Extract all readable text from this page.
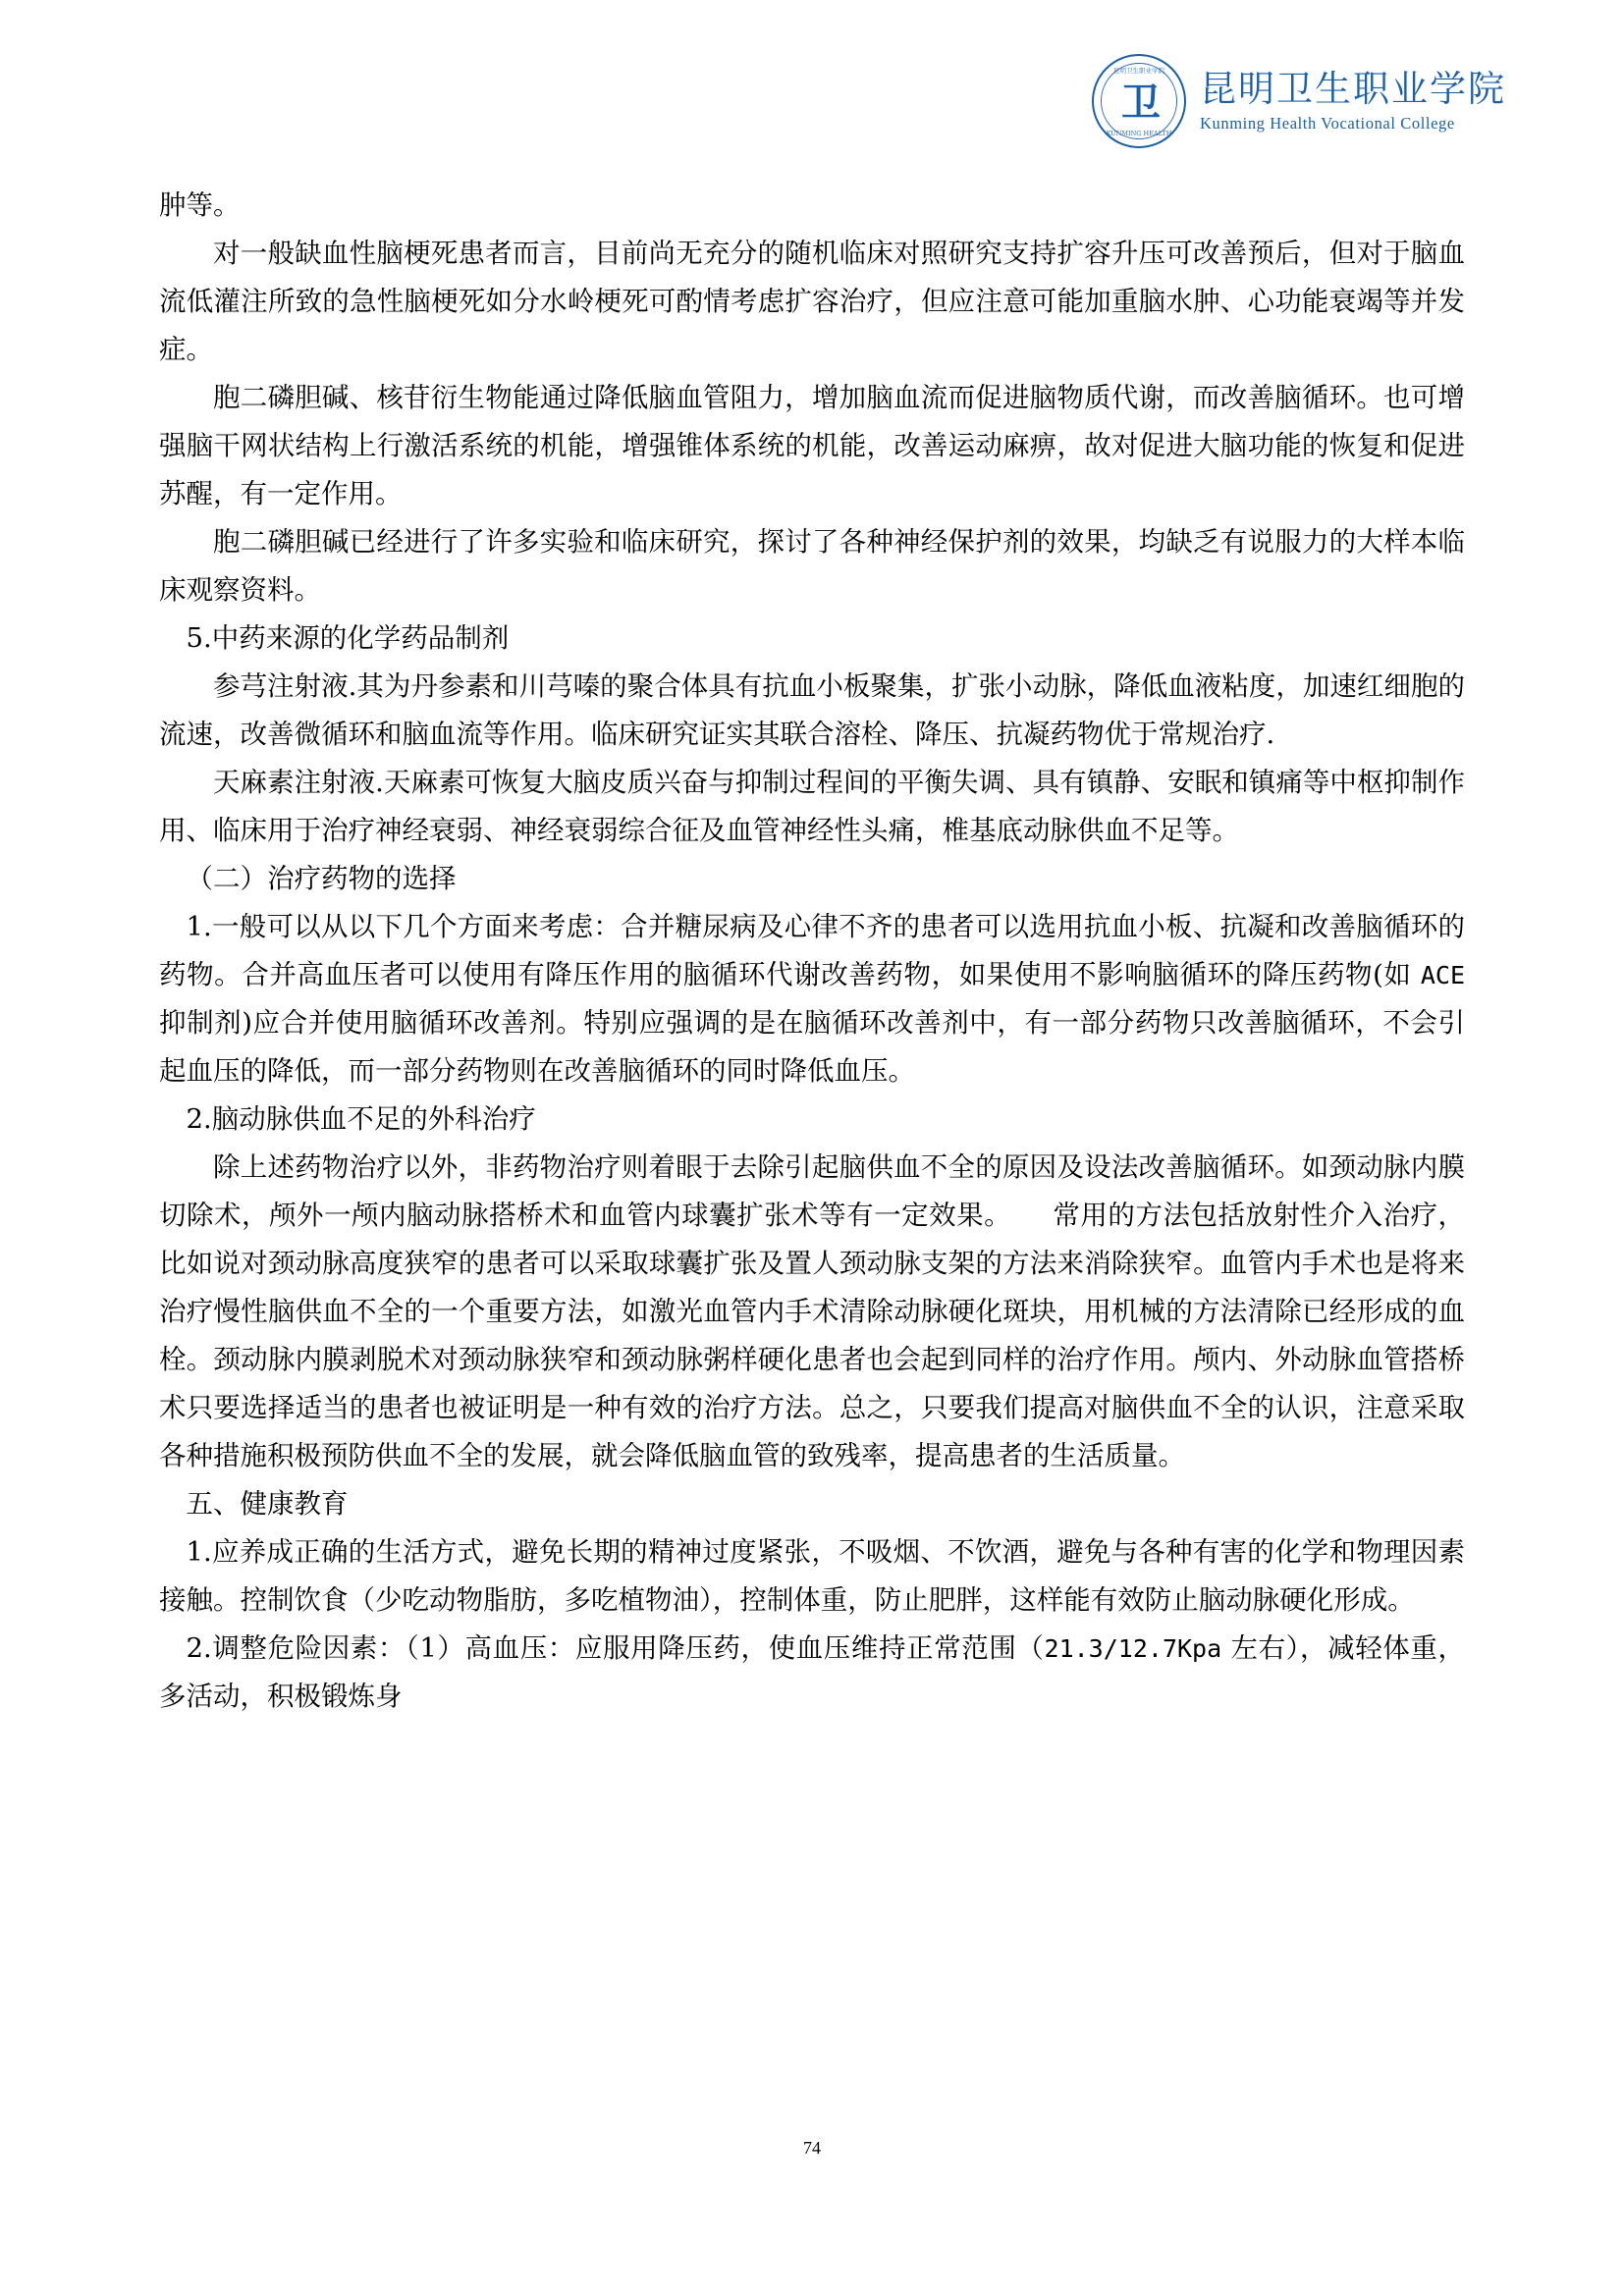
昆明卫生职业学院
卫
KUNMING HEALTH
昆明卫生职业学院
Kunming Health Vocational College

肿等。

对一般缺血性脑梗死患者而言，目前尚无充分的随机临床对照研究支持扩容升压可改善预后，但对于脑血流低灌注所致的急性脑梗死如分水岭梗死可酌情考虑扩容治疗，但应注意可能加重脑水肿、心功能衰竭等并发症。

胞二磷胆碱、核苷衍生物能通过降低脑血管阻力，增加脑血流而促进脑物质代谢，而改善脑循环。也可增强脑干网状结构上行激活系统的机能，增强锥体系统的机能，改善运动麻痹，故对促进大脑功能的恢复和促进苏醒，有一定作用。

胞二磷胆碱已经进行了许多实验和临床研究，探讨了各种神经保护剂的效果，均缺乏有说服力的大样本临床观察资料。

5.中药来源的化学药品制剂

参芎注射液.其为丹参素和川芎嗪的聚合体具有抗血小板聚集，扩张小动脉，降低血液粘度，加速红细胞的流速，改善微循环和脑血流等作用。临床研究证实其联合溶栓、降压、抗凝药物优于常规治疗.

天麻素注射液.天麻素可恢复大脑皮质兴奋与抑制过程间的平衡失调、具有镇静、安眠和镇痛等中枢抑制作用、临床用于治疗神经衰弱、神经衰弱综合征及血管神经性头痛，椎基底动脉供血不足等。

（二）治疗药物的选择

1.一般可以从以下几个方面来考虑：合并糖尿病及心律不齐的患者可以选用抗血小板、抗凝和改善脑循环的药物。合并高血压者可以使用有降压作用的脑循环代谢改善药物，如果使用不影响脑循环的降压药物(如 ACE 抑制剂)应合并使用脑循环改善剂。特别应强调的是在脑循环改善剂中，有一部分药物只改善脑循环，不会引起血压的降低，而一部分药物则在改善脑循环的同时降低血压。

2.脑动脉供血不足的外科治疗

除上述药物治疗以外，非药物治疗则着眼于去除引起脑供血不全的原因及设法改善脑循环。如颈动脉内膜切除术，颅外一颅内脑动脉搭桥术和血管内球囊扩张术等有一定效果。　　常用的方法包括放射性介入治疗，比如说对颈动脉高度狭窄的患者可以采取球囊扩张及置人颈动脉支架的方法来消除狭窄。血管内手术也是将来治疗慢性脑供血不全的一个重要方法，如激光血管内手术清除动脉硬化斑块，用机械的方法清除已经形成的血栓。颈动脉内膜剥脱术对颈动脉狭窄和颈动脉粥样硬化患者也会起到同样的治疗作用。颅内、外动脉血管搭桥术只要选择适当的患者也被证明是一种有效的治疗方法。总之，只要我们提高对脑供血不全的认识，注意采取各种措施积极预防供血不全的发展，就会降低脑血管的致残率，提高患者的生活质量。

五、健康教育

1.应养成正确的生活方式，避免长期的精神过度紧张，不吸烟、不饮酒，避免与各种有害的化学和物理因素接触。控制饮食（少吃动物脂肪，多吃植物油），控制体重，防止肥胖，这样能有效防止脑动脉硬化形成。

2.调整危险因素：（1）高血压：应服用降压药，使血压维持正常范围（21.3/12.7Kpa 左右），减轻体重，多活动，积极锻炼身

74
